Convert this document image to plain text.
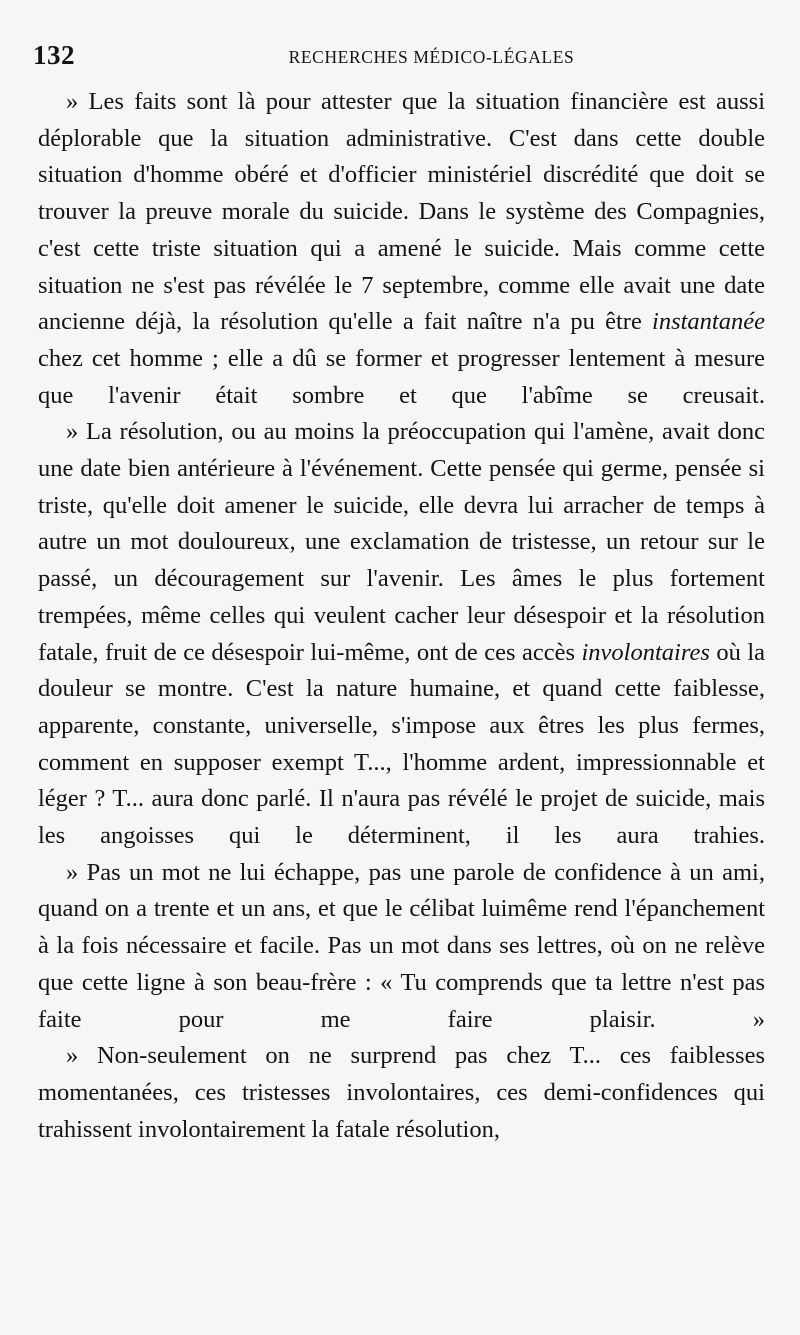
132	RECHERCHES MÉDICO-LÉGALES

» Les faits sont là pour attester que la situation financière est aussi déplorable que la situation administrative. C'est dans cette double situation d'homme obéré et d'officier ministériel discrédité que doit se trouver la preuve morale du suicide. Dans le système des Compagnies, c'est cette triste situation qui a amené le suicide. Mais comme cette situation ne s'est pas révélée le 7 septembre, comme elle avait une date ancienne déjà, la résolution qu'elle a fait naître n'a pu être instantanée chez cet homme ; elle a dû se former et progresser lentement à mesure que l'avenir était sombre et que l'abîme se creusait.

» La résolution, ou au moins la préoccupation qui l'amène, avait donc une date bien antérieure à l'événement. Cette pensée qui germe, pensée si triste, qu'elle doit amener le suicide, elle devra lui arracher de temps à autre un mot douloureux, une exclamation de tristesse, un retour sur le passé, un découragement sur l'avenir. Les âmes le plus fortement trempées, même celles qui veulent cacher leur désespoir et la résolution fatale, fruit de ce désespoir lui-même, ont de ces accès involontaires où la douleur se montre. C'est la nature humaine, et quand cette faiblesse, apparente, constante, universelle, s'impose aux êtres les plus fermes, comment en supposer exempt T..., l'homme ardent, impressionnable et léger ? T... aura donc parlé. Il n'aura pas révélé le projet de suicide, mais les angoisses qui le déterminent, il les aura trahies.

» Pas un mot ne lui échappe, pas une parole de confidence à un ami, quand on a trente et un ans, et que le célibat luimême rend l'épanchement à la fois nécessaire et facile. Pas un mot dans ses lettres, où on ne relève que cette ligne à son beau-frère : « Tu comprends que ta lettre n'est pas faite pour me faire plaisir. »

» Non-seulement on ne surprend pas chez T... ces faiblesses momentanées, ces tristesses involontaires, ces demi-confidences qui trahissent involontairement la fatale résolution,
